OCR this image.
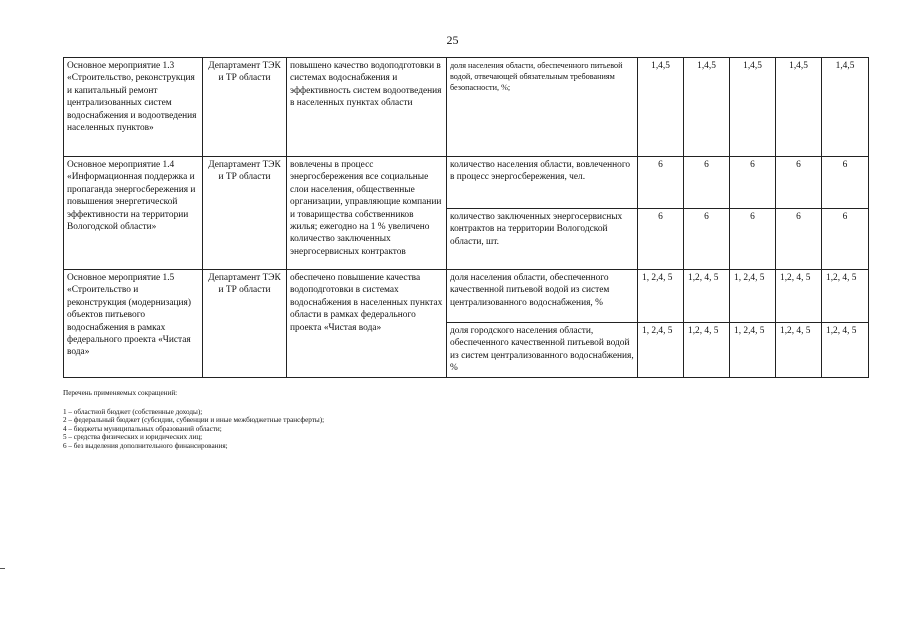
25
Основное мероприятие 1.3 «Строительство, реконструкция и капитальный ремонт централизованных систем водоснабжения и водоотведения населенных пунктов»	Департамент ТЭК и ТР области	повышено качество водоподготовки в системах водоснабжения и эффективность систем водоотведения в населенных пунктах области	доля населения области, обеспеченного питьевой водой, отвечающей обязательным требованиям безопасности, %;	1,4,5	1,4,5	1,4,5	1,4,5	1,4,5
Основное мероприятие 1.4 «Информационная поддержка и пропаганда энергосбережения и повышения энергетической эффективности на территории Вологодской области»	Департамент ТЭК и ТР области	вовлечены в процесс энергосбережения все социальные слои населения, общественные организации, управляющие компании и товарищества собственников жилья; ежегодно на 1 % увеличено количество заключенных энергосервисных контрактов	количество населения области, вовлеченного в процесс энергосбережения, чел.	6	6	6	6	6
			количество заключенных энергосервисных контрактов на территории Вологодской области, шт.	6	6	6	6	6
Основное мероприятие 1.5 «Строительство и реконструкция (модернизация) объектов питьевого водоснабжения в рамках федерального проекта «Чистая вода»	Департамент ТЭК и ТР области	обеспечено повышение качества водоподготовки в системах водоснабжения в населенных пунктах области в рамках федерального проекта «Чистая вода»	доля населения области, обеспеченного качественной питьевой водой из систем централизованного водоснабжения, %	1, 2,4, 5	1,2, 4, 5	1, 2,4, 5	1,2, 4, 5	1,2, 4, 5
			доля городского населения области, обеспеченного качественной питьевой водой из систем централизованного водоснабжения, %	1, 2,4, 5	1,2, 4, 5	1, 2,4, 5	1,2, 4, 5	1,2, 4, 5
Перечень применяемых сокращений:
1 – областной бюджет (собственные доходы);
2 – федеральный бюджет (субсидии, субвенции и иные межбюджетные трансферты);
4 – бюджеты муниципальных образований области;
5 – средства физических и юридических лиц;
6 – без выделения дополнительного финансирования;
